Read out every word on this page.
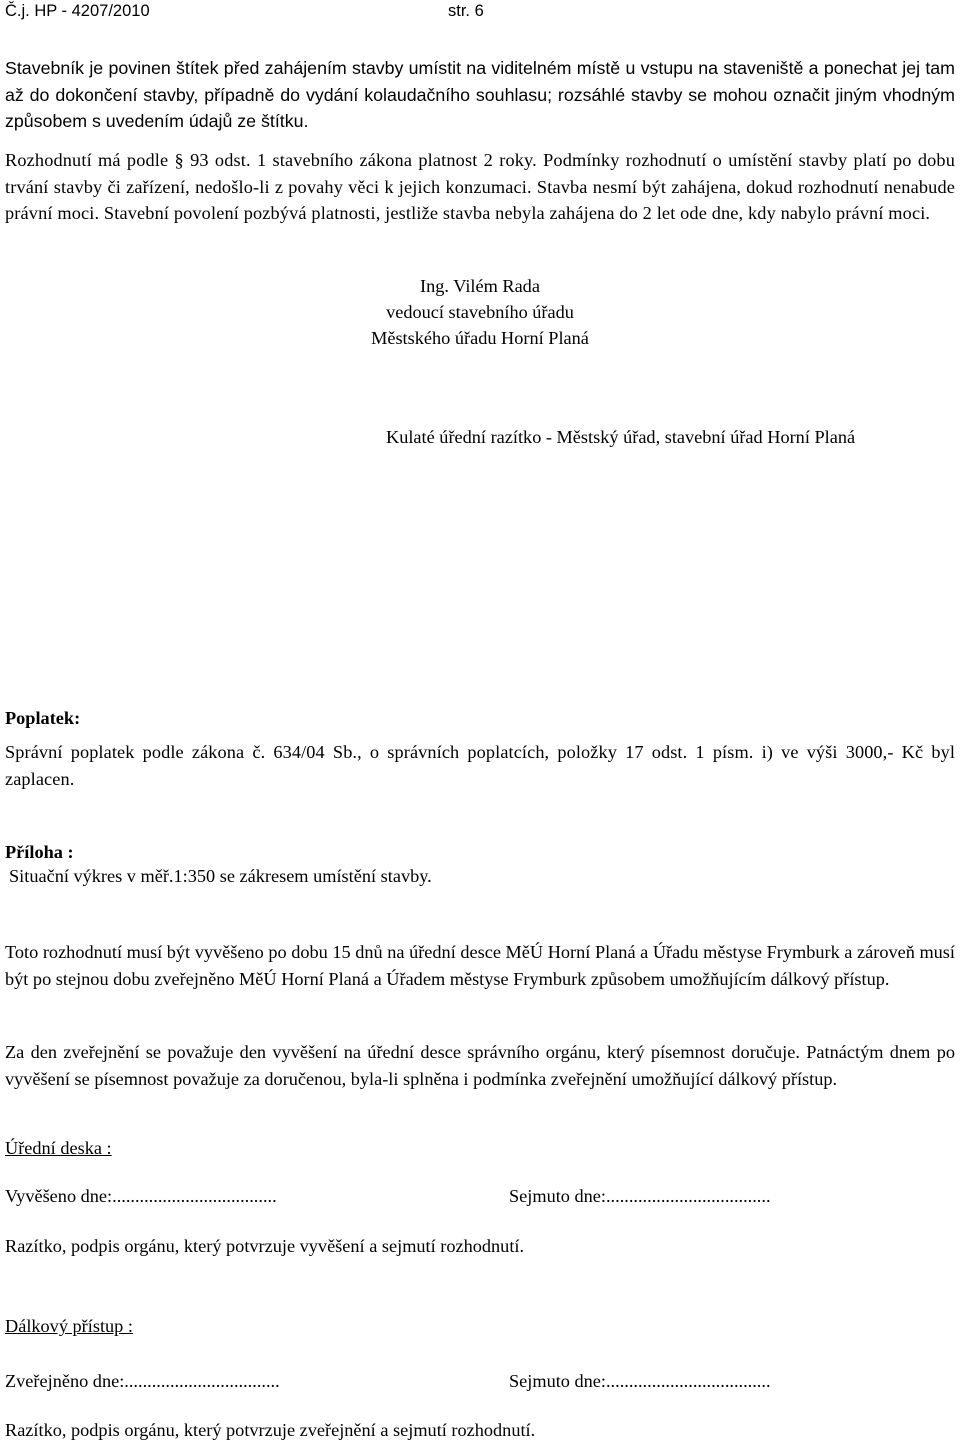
Č.j. HP - 4207/2010	str. 6
Stavebník je povinen štítek před zahájením stavby umístit na viditelném místě u vstupu na staveniště a ponechat jej tam až do dokončení stavby, případně do vydání kolaudačního souhlasu; rozsáhlé stavby se mohou označit jiným vhodným způsobem s uvedením údajů ze štítku.
Rozhodnutí má podle § 93 odst. 1 stavebního zákona platnost 2 roky. Podmínky rozhodnutí o umístění stavby platí po dobu trvání stavby či zařízení, nedošlo-li z povahy věci k jejich konzumaci. Stavba nesmí být zahájena, dokud rozhodnutí nenabude právní moci. Stavební povolení pozbývá platnosti, jestliže stavba nebyla zahájena do 2 let ode dne, kdy nabylo právní moci.
Ing. Vilém Rada
vedoucí stavebního úřadu
Městského úřadu Horní Planá
Kulaté úřední razítko - Městský úřad, stavební úřad Horní Planá
Poplatek:
Správní poplatek podle zákona č. 634/04 Sb., o správních poplatcích, položky 17 odst. 1 písm. i) ve výši 3000,- Kč byl zaplacen.
Příloha :
Situační výkres v měř.1:350 se zákresem umístění stavby.
Toto rozhodnutí musí být vyvěšeno po dobu 15 dnů na úřední desce MěÚ Horní Planá a Úřadu městyse Frymburk a zároveň musí být po stejnou dobu zveřejněno MěÚ Horní Planá a Úřadem městyse Frymburk způsobem umožňujícím dálkový přístup.
Za den zveřejnění se považuje den vyvěšení na úřední desce správního orgánu, který písemnost doručuje. Patnáctým dnem po vyvěšení se písemnost považuje za doručenou, byla-li splněna i podmínka zveřejnění umožňující dálkový přístup.
Úřední deska :
Vyvěšeno dne:....................................	Sejmuto dne:....................................
Razítko, podpis orgánu, který potvrzuje vyvěšení a sejmutí rozhodnutí.
Dálkový přístup :
Zveřejněno dne:..................................	Sejmuto dne:....................................
Razítko, podpis orgánu, který potvrzuje zveřejnění a sejmutí rozhodnutí.
